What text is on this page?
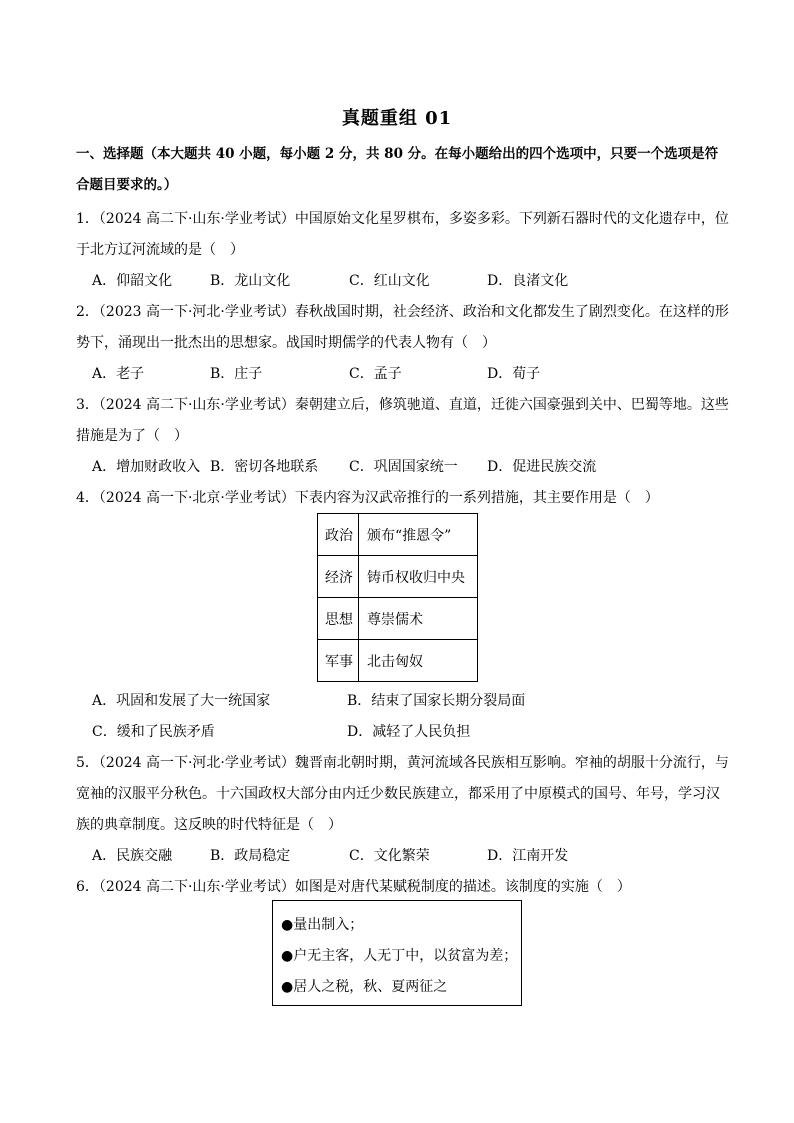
真题重组 01
一、选择题（本大题共 40 小题，每小题 2 分，共 80 分。在每小题给出的四个选项中，只要一个选项是符
合题目要求的。）
1．（2024 高二下·山东·学业考试）中国原始文化星罗棋布，多姿多彩。下列新石器时代的文化遗存中，位
于北方辽河流域的是（　）
A．仰韶文化	B．龙山文化	C．红山文化	D．良渚文化
2．（2023 高一下·河北·学业考试）春秋战国时期，社会经济、政治和文化都发生了剧烈变化。在这样的形
势下，涌现出一批杰出的思想家。战国时期儒学的代表人物有（　）
A．老子	B．庄子	C．孟子	D．荀子
3．（2024 高二下·山东·学业考试）秦朝建立后，修筑驰道、直道，迁徙六国豪强到关中、巴蜀等地。这些
措施是为了（　）
A．增加财政收入 B．密切各地联系 C．巩固国家统一 D．促进民族交流
4．（2024 高一下·北京·学业考试）下表内容为汉武帝推行的一系列措施，其主要作用是（　）
政治	颁布“推恩令”
经济	铸币权收归中央
思想	尊崇儒术
军事	北击匈奴
A．巩固和发展了大一统国家	B．结束了国家长期分裂局面
C．缓和了民族矛盾	D．减轻了人民负担
5．（2024 高一下·河北·学业考试）魏晋南北朝时期，黄河流域各民族相互影响。窄袖的胡服十分流行，与
宽袖的汉服平分秋色。十六国政权大部分由内迁少数民族建立，都采用了中原模式的国号、年号，学习汉
族的典章制度。这反映的时代特征是（　）
A．民族交融	B．政局稳定	C．文化繁荣	D．江南开发
6．（2024 高二下·山东·学业考试）如图是对唐代某赋税制度的描述。该制度的实施（　）
●量出制入；
●户无主客，人无丁中，以贫富为差；
●居人之税，秋、夏两征之
